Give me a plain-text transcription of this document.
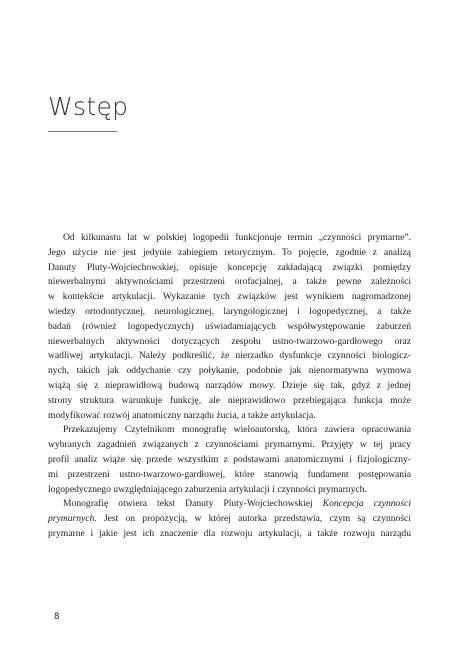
Wstęp
Od kilkunastu lat w polskiej logopedii funkcjonuje termin „czynności prymarne”.
Jego użycie nie jest jedynie zabiegiem retorycznym. To pojęcie, zgodnie z analizą
Danuty Pluty-Wojciechowskiej, opisuje koncepcję zakładającą związki pomiędzy
niewerbalnymi aktywnościami przestrzeni orofacjalnej, a także pewne zależności
w kontekście artykulacji. Wykazanie tych związków jest wynikiem nagromadzonej
wiedzy ortodontycznej, neurologicznej, laryngologicznej i logopedycznej, a także
badań (również logopedycznych) uświadamiających współwystępowanie zaburzeń
niewerbalnych aktywności dotyczących zespołu ustno-twarzowo-gardłowego oraz
wadliwej artykulacji. Należy podkreślić, że nierzadko dysfunkcje czynności biologicz-
nych, takich jak oddychanie czy połykanie, podobnie jak nienormatywna wymowa
wiążą się z nieprawidłową budową narządów mowy. Dzieje się tak, gdyż z jednej
strony struktura warunkuje funkcję, ale nieprawidłowo przebiegająca funkcja może
modyfikować rozwój anatomiczny narządu żucia, a także artykulacja.
Przekazujemy Czytelnikom monografię wieloautorską, która zawiera opracowania
wybranych zagadnień związanych z czynnościami prymarnymi. Przyjęty w tej pracy
profil analiz wiąże się przede wszystkim z podstawami anatomicznymi i fizjologiczny-
mi przestrzeni ustno-twarzowo-gardłowej, które stanowią fundament postępowania
logopedycznego uwzględniającego zaburzenia artykulacji i czynności prymarnych.
Monografię otwiera tekst Danuty Pluty-Wojciechowskiej Koncepcja czynności
prymarnych. Jest on propozycją, w której autorka przedstawia, czym są czynności
prymarne i jakie jest ich znaczenie dla rozwoju artykulacji, a także rozwoju narządu
8
